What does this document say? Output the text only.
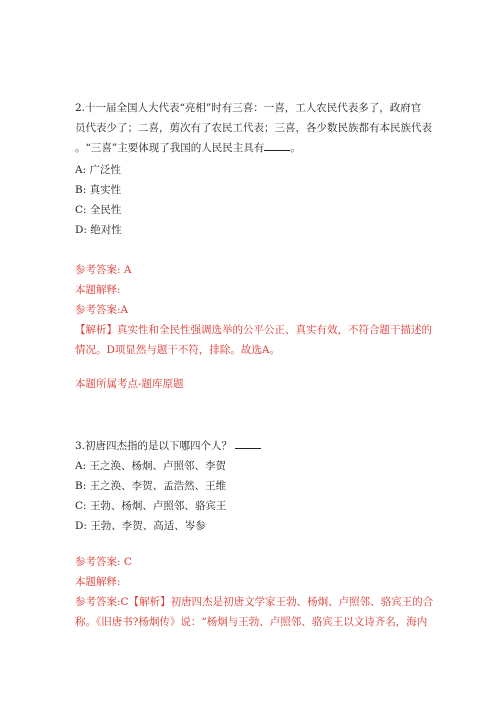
2.十一届全国人大代表“亮相”时有三喜：一喜，工人农民代表多了，政府官
员代表少了；二喜，剪次有了农民工代表；三喜，各少数民族都有本民族代表
。“三喜”主要体现了我国的人民民主具有 。
A: 广泛性
B: 真实性
C: 全民性
D: 绝对性
参考答案: A
本题解释:
参考答案:A
【解析】真实性和全民性强调选举的公平公正、真实有效，不符合题干描述的
情况。D项显然与题干不符，排除。故选A。
本题所属考点-题库原题
3.初唐四杰指的是以下哪四个人？
A: 王之涣、杨炯、卢照邻、李贺
B: 王之涣、李贺、孟浩然、王维
C: 王勃、杨炯、卢照邻、骆宾王
D: 王勃、李贺、高适、岑参
参考答案: C
本题解释:
参考答案:C【解析】初唐四杰是初唐文学家王勃、杨炯、卢照邻、骆宾王的合
称。《旧唐书?杨炯传》说：“杨炯与王勃、卢照邻、骆宾王以文诗齐名，海内
